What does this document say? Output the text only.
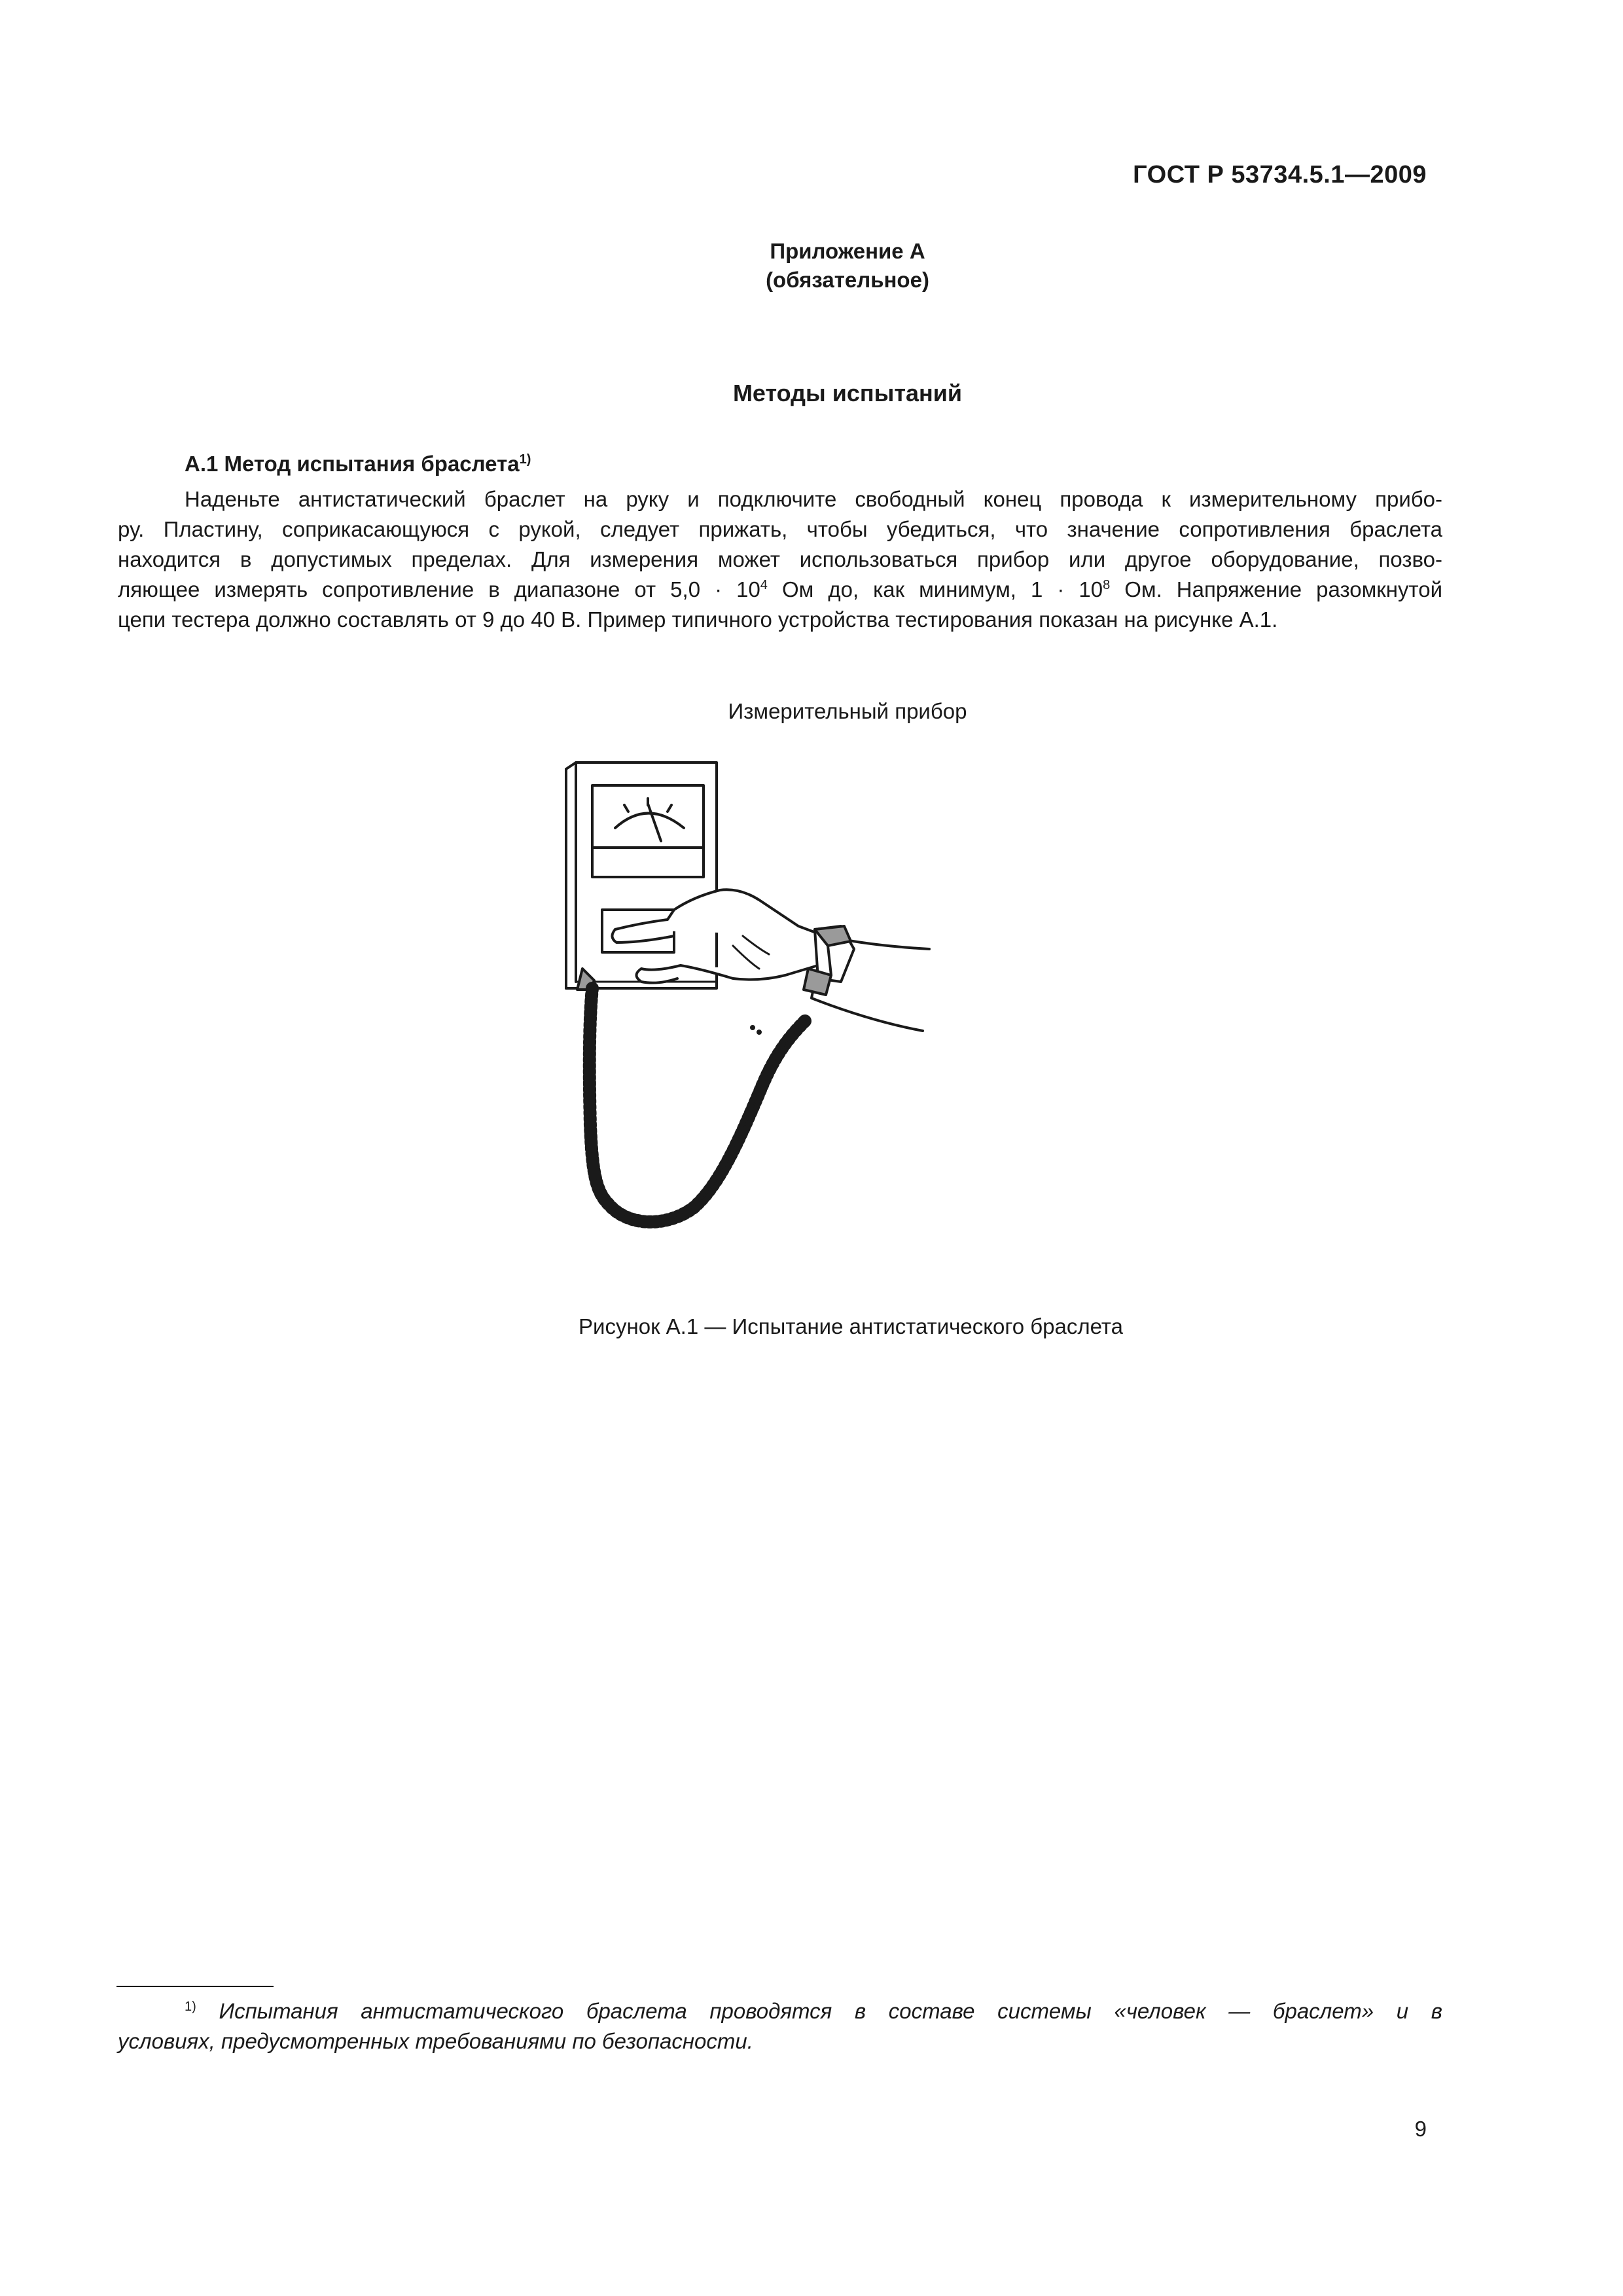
ГОСТ Р 53734.5.1—2009
Приложение А
(обязательное)
Методы испытаний
А.1 Метод испытания браслета$^{1)}$
Наденьте антистатический браслет на руку и подключите свободный конец провода к измерительному прибо-
ру. Пластину, соприкасающуюся с рукой, следует прижать, чтобы убедиться, что значение сопротивления браслета
находится в допустимых пределах. Для измерения может использоваться прибор или другое оборудование, позво-
ляющее измерять сопротивление в диапазоне от $5,0 \cdot 10^4$ Ом до, как минимум, $1 \cdot 10^8$ Ом. Напряжение разомкнутой
цепи тестера должно составлять от 9 до 40 В. Пример типичного устройства тестирования показан на рисунке А.1.
Измерительный прибор
Рисунок А.1 — Испытание антистатического браслета
$^{1)}$ Испытания антистатического браслета проводятся в составе системы «человек — браслет» и в
условиях, предусмотренных требованиями по безопасности.
9
